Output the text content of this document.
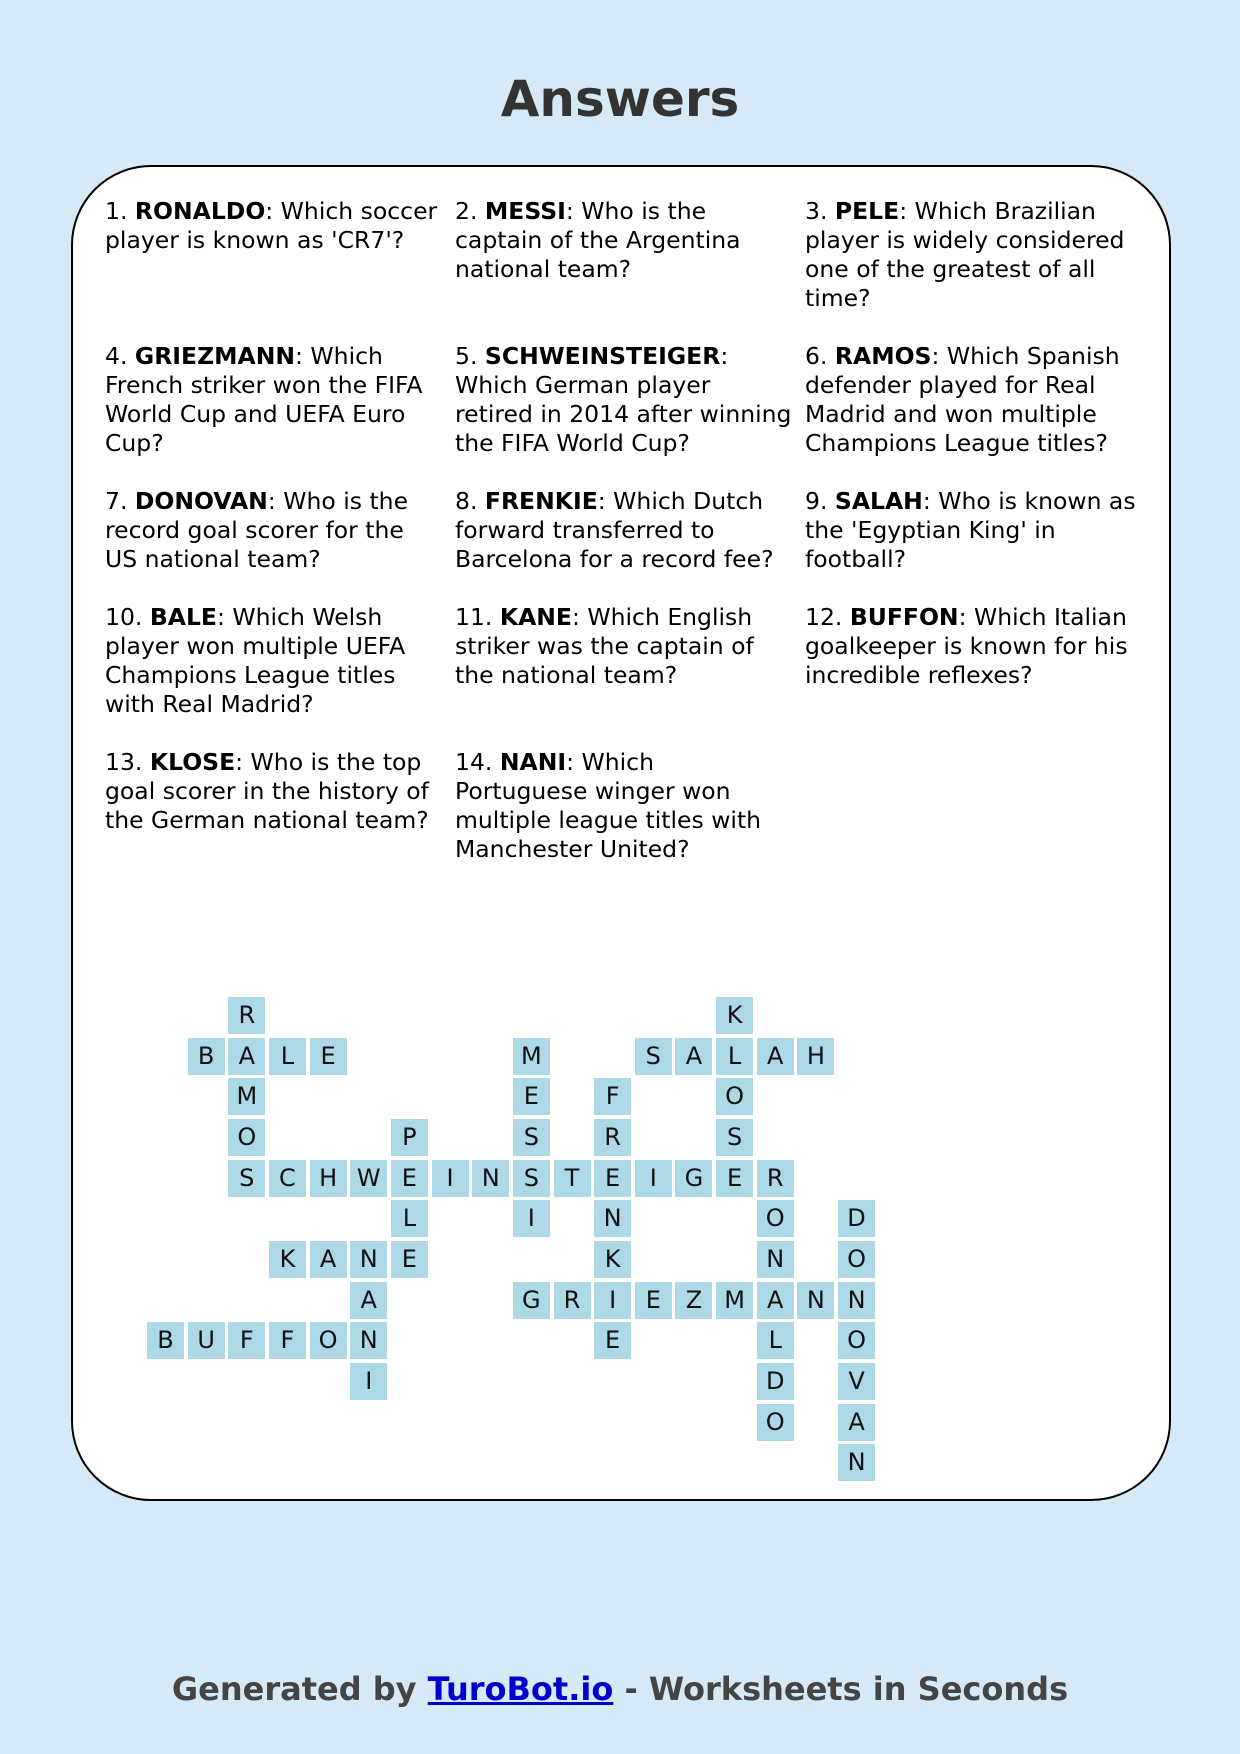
Answers
1. RONALDO: Which soccer player is known as 'CR7'?
2. MESSI: Who is the captain of the Argentina national team?
3. PELE: Which Brazilian player is widely considered one of the greatest of all time?
4. GRIEZMANN: Which French striker won the FIFA World Cup and UEFA Euro Cup?
5. SCHWEINSTEIGER: Which German player retired in 2014 after winning the FIFA World Cup?
6. RAMOS: Which Spanish defender played for Real Madrid and won multiple Champions League titles?
7. DONOVAN: Who is the record goal scorer for the US national team?
8. FRENKIE: Which Dutch forward transferred to Barcelona for a record fee?
9. SALAH: Who is known as the 'Egyptian King' in football?
10. BALE: Which Welsh player won multiple UEFA Champions League titles with Real Madrid?
11. KANE: Which English striker was the captain of the national team?
12. BUFFON: Which Italian goalkeeper is known for his incredible reflexes?
13. KLOSE: Who is the top goal scorer in the history of the German national team?
14. NANI: Which Portuguese winger won multiple league titles with Manchester United?
R
A
M
O
S
B	L	E	M
E
S
S
I
S	A	L	A H
K
O
S
E
F
R
E
N
K
I
E
P
E
L
E
C H W	I	N	T	I	G	R
O
N
A
L
D
O
D
O
N
O
V
A
N
K	A N
A
N
I
G R	E	Z M	N
B U	F	F	O
Generated by TuroBot.io - Worksheets in Seconds
